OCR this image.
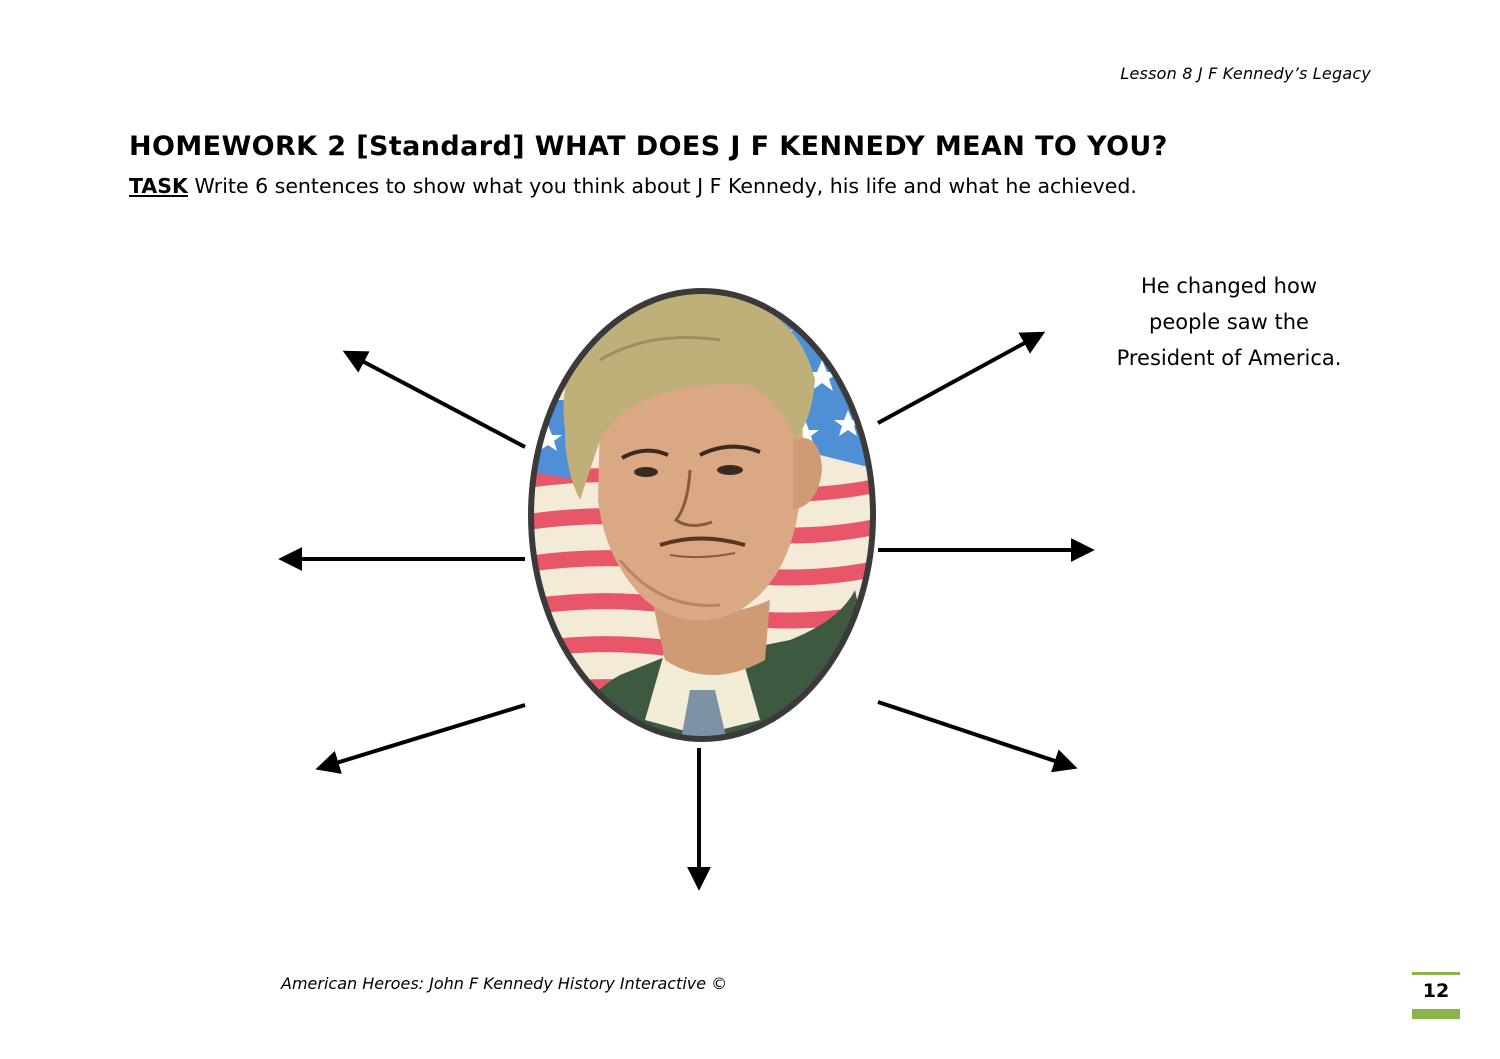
Lesson 8 J F Kennedy’s Legacy
HOMEWORK 2 [Standard] WHAT DOES J F KENNEDY MEAN TO YOU?
TASK Write 6 sentences to show what you think about J F Kennedy, his life and what he achieved.
He changed how
people saw the
President of America.
American Heroes: John F Kennedy History Interactive ©	12
